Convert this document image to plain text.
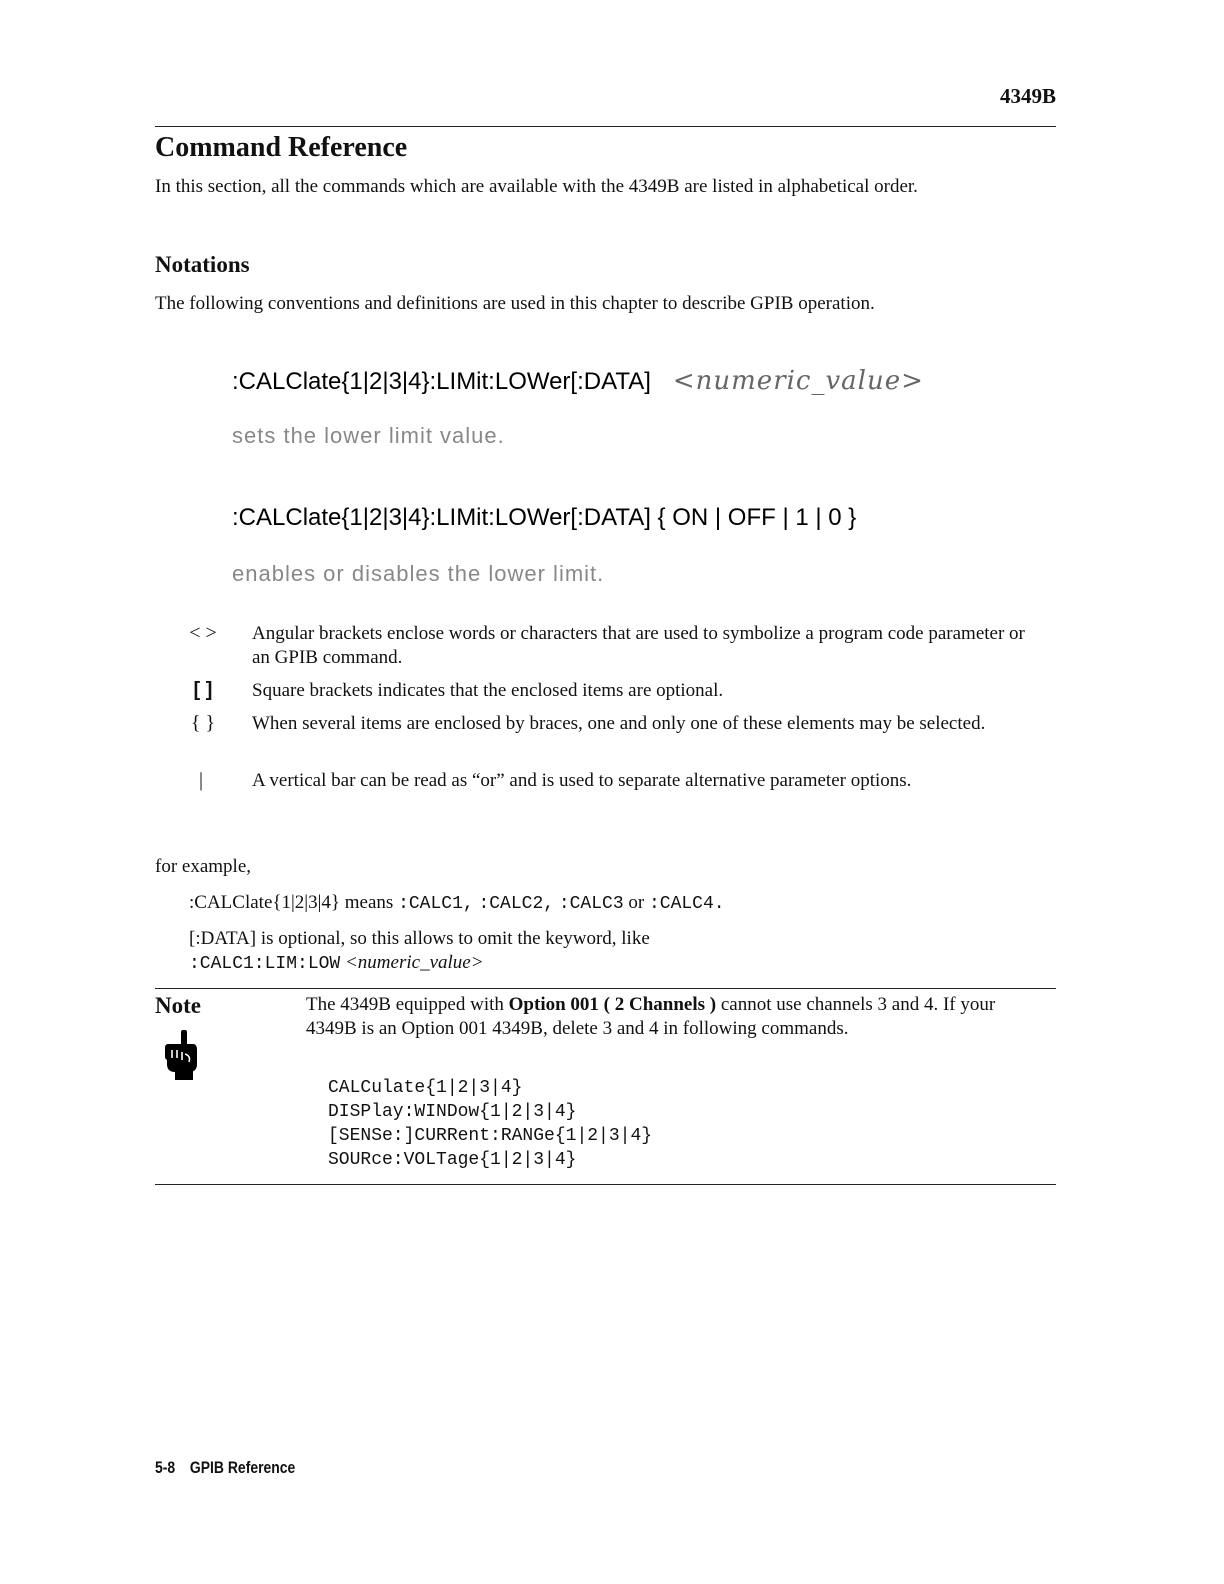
4349B
Command Reference
In this section, all the commands which are available with the 4349B are listed in alphabetical order.
Notations
The following conventions and definitions are used in this chapter to describe GPIB operation.
:CALClate{1|2|3|4}:LIMit:LOWer[:DATA] <numeric_value>
sets the lower limit value.
:CALClate{1|2|3|4}:LIMit:LOWer[:DATA] { ON | OFF | 1 | 0 }
enables or disables the lower limit.
< >	Angular brackets enclose words or characters that are used to symbolize a program code parameter or an GPIB command.
[ ]	Square brackets indicates that the enclosed items are optional.
{ }	When several items are enclosed by braces, one and only one of these elements may be selected.
|	A vertical bar can be read as “or” and is used to separate alternative parameter options.
for example,
:CALClate{1|2|3|4} means :CALC1, :CALC2, :CALC3 or :CALC4.
[:DATA] is optional, so this allows to omit the keyword, like
:CALC1:LIM:LOW <numeric_value>
Note	The 4349B equipped with Option 001 ( 2 Channels ) cannot use channels 3 and 4. If your 4349B is an Option 001 4349B, delete 3 and 4 in following commands.
CALCulate{1|2|3|4}
DISPlay:WINDow{1|2|3|4}
[SENSe:]CURRent:RANGe{1|2|3|4}
SOURce:VOLTage{1|2|3|4}
5-8 GPIB Reference
